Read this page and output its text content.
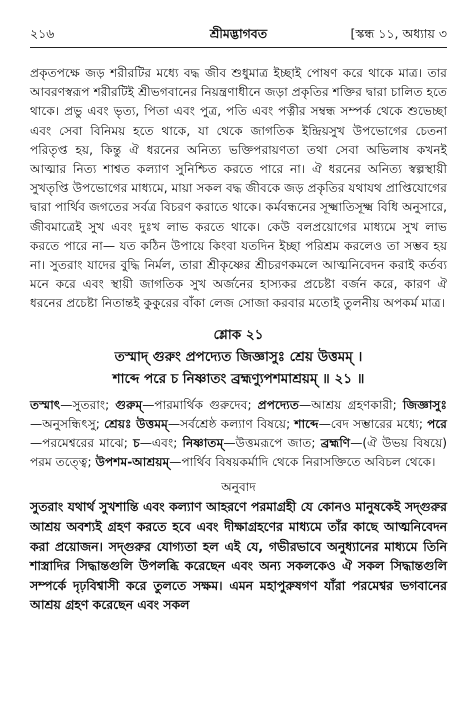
২১৬	শ্রীমদ্ভাগবত	[স্কন্ধ ১১, অধ্যায় ৩

প্রকৃতপক্ষে জড় শরীরটির মধ্যে বদ্ধ জীব শুধুমাত্র ইচ্ছাই পোষণ করে থাকে মাত্র। তার আবরণস্বরূপ শরীরটিই শ্রীভগবানের নিয়ন্ত্রণাধীনে জড়া প্রকৃতির শক্তির দ্বারা চালিত হতে থাকে। প্রভু এবং ভৃত্য, পিতা এবং পুত্র, পতি এবং পত্নীর সম্বন্ধ সম্পর্ক থেকে শুভেচ্ছা এবং সেবা বিনিময় হতে থাকে, যা থেকে জাগতিক ইন্দ্রিয়সুখ উপভোগের চেতনা পরিতৃপ্ত হয়, কিন্তু ঐ ধরনের অনিত্য ভক্তিপরায়ণতা তথা সেবা অভিলাষ কখনই আত্মার নিত্য শাশ্বত কল্যাণ সুনিশ্চিত করতে পারে না। ঐ ধরনের অনিত্য স্বল্পস্থায়ী সুখতৃপ্তি উপভোগের মাধ্যমে, মায়া সকল বদ্ধ জীবকে জড় প্রকৃতির যথাযথ প্রাপ্তিযোগের দ্বারা পার্থিব জগতের সর্বত্র বিচরণ করাতে থাকে। কর্মবন্ধনের সূক্ষ্মাতিসূক্ষ্ম বিধি অনুসারে, জীবমাত্রেই সুখ এবং দুঃখ লাভ করতে থাকে। কেউ বলপ্রয়োগের মাধ্যমে সুখ লাভ করতে পারে না— যত কঠিন উপায়ে কিংবা যতদিন ইচ্ছা পরিশ্রম করলেও তা সম্ভব হয় না। সুতরাং যাদের বুদ্ধি নির্মল, তারা শ্রীকৃষ্ণের শ্রীচরণকমলে আত্মনিবেদন করাই কর্তব্য মনে করে এবং স্থায়ী জাগতিক সুখ অর্জনের হাস্যকর প্রচেষ্টা বর্জন করে, কারণ ঐ ধরনের প্রচেষ্টা নিতান্তই কুকুরের বাঁকা লেজ সোজা করবার মতোই তুলনীয় অপকর্ম মাত্র।

শ্লোক ২১
তস্মাদ্ গুরুং প্রপদ্যেত জিজ্ঞাসুঃ শ্রেয় উত্তমম্ ।
শাব্দে পরে চ নিষ্ণাতং ব্রহ্মণ্যুপশমাশ্রয়ম্ ॥ ২১ ॥
তস্মাৎ—সুতরাং; গুরুম্—পারমার্থিক গুরুদেব; প্রপদ্যেত—আশ্রয় গ্রহণকারী; জিজ্ঞাসুঃ—অনুসন্ধিৎসু; শ্রেয়ঃ উত্তমম্—সর্বশ্রেষ্ঠ কল্যাণ বিষয়ে; শাব্দে—বেদ সম্ভারের মধ্যে; পরে—পরমেশ্বরের মাঝে; চ—এবং; নিষ্ণাতম্—উত্তমরূপে জাত; ব্রহ্মণি—(ঐ উভয় বিষয়ে) পরম তত্ত্বে; উপশম-আশ্রয়ম্—পার্থিব বিষয়কর্মাদি থেকে নিরাসক্তিতে অবিচল থেকে।
অনুবাদ

সুতরাং যথার্থ সুখশান্তি এবং কল্যাণ আহরণে পরমাগ্রহী যে কোনও মানুষকেই সদ্গুরুর আশ্রয় অবশ্যই গ্রহণ করতে হবে এবং দীক্ষাগ্রহণের মাধ্যমে তাঁর কাছে আত্মনিবেদন করা প্রয়োজন। সদ্গুরুর যোগ্যতা হল এই যে, গভীরভাবে অনুধ্যানের মাধ্যমে তিনি শাস্ত্রাদির সিদ্ধান্তগুলি উপলব্ধি করেছেন এবং অন্য সকলকেও ঐ সকল সিদ্ধান্তগুলি সম্পর্কে দৃঢ়বিশ্বাসী করে তুলতে সক্ষম। এমন মহাপুরুষগণ যাঁরা পরমেশ্বর ভগবানের আশ্রয় গ্রহণ করেছেন এবং সকল
